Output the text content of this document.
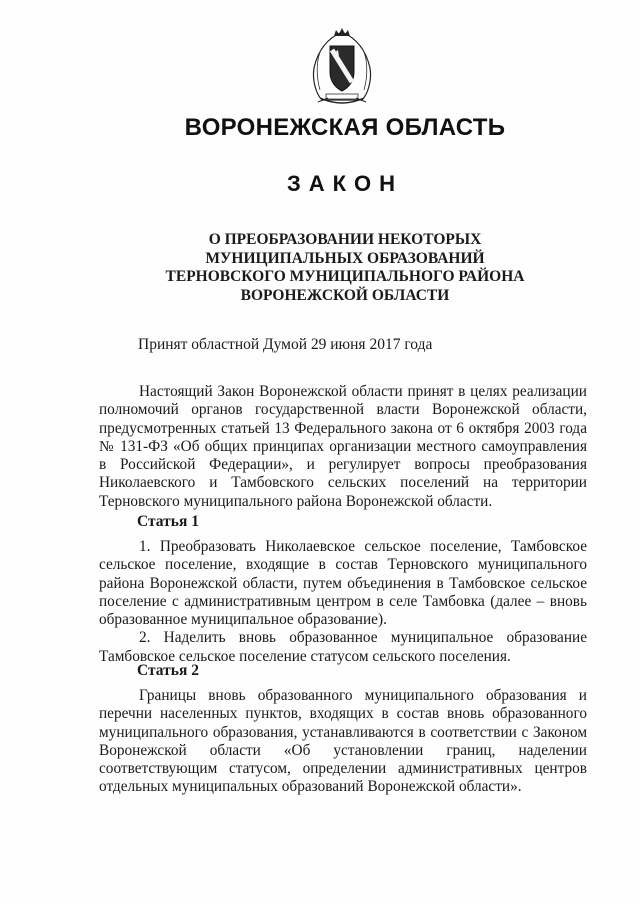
ВОРОНЕЖСКАЯ ОБЛАСТЬ
ЗАКОН
О ПРЕОБРАЗОВАНИИ НЕКОТОРЫХ
МУНИЦИПАЛЬНЫХ ОБРАЗОВАНИЙ
ТЕРНОВСКОГО МУНИЦИПАЛЬНОГО РАЙОНА
ВОРОНЕЖСКОЙ ОБЛАСТИ
Принят областной Думой 29 июня 2017 года

Настоящий Закон Воронежской области принят в целях реализации полномочий органов государственной власти Воронежской области, предусмотренных статьей 13 Федерального закона от 6 октября 2003 года № 131-ФЗ «Об общих принципах организации местного самоуправления в Российской Федерации», и регулирует вопросы преобразования Николаевского и Тамбовского сельских поселений на территории Терновского муниципального района Воронежской области.

Статья 1

1. Преобразовать Николаевское сельское поселение, Тамбовское сельское поселение, входящие в состав Терновского муниципального района Воронежской области, путем объединения в Тамбовское сельское поселение с административным центром в селе Тамбовка (далее – вновь образованное муниципальное образование).

2. Наделить вновь образованное муниципальное образование Тамбовское сельское поселение статусом сельского поселения.

Статья 2

Границы вновь образованного муниципального образования и перечни населенных пунктов, входящих в состав вновь образованного муниципального образования, устанавливаются в соответствии с Законом Воронежской области «Об установлении границ, наделении соответствующим статусом, определении административных центров отдельных муниципальных образований Воронежской области».
